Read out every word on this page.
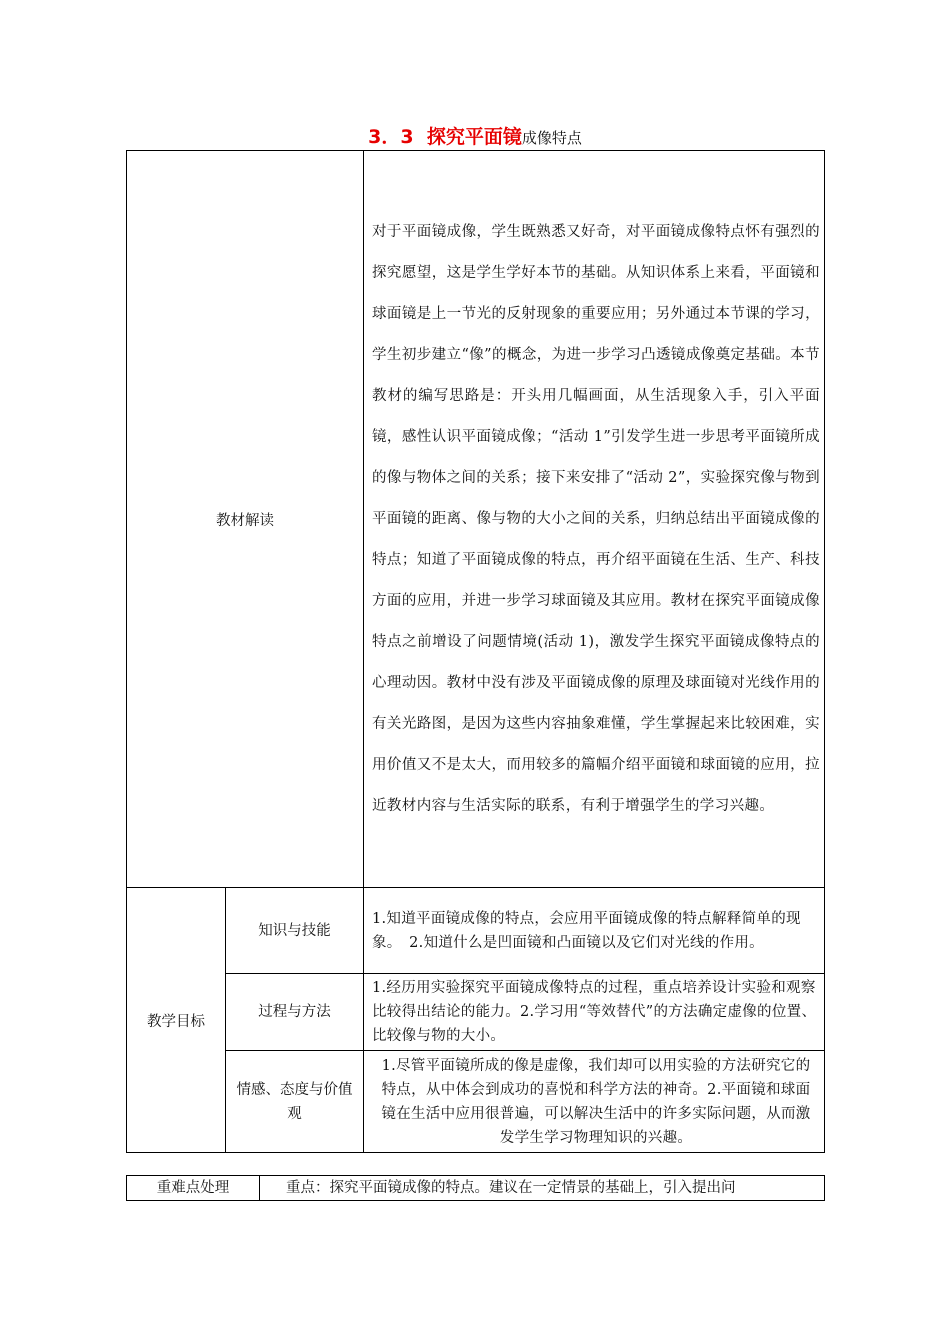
3．3 探究平面镜成像特点
教材解读		对于平面镜成像，学生既熟悉又好奇，对平面镜成像特点怀有强烈的探究愿望，这是学生学好本节的基础。从知识体系上来看，平面镜和球面镜是上一节光的反射现象的重要应用；另外通过本节课的学习，学生初步建立“像”的概念，为进一步学习凸透镜成像奠定基础。本节教材的编写思路是：开头用几幅画面，从生活现象入手，引入平面镜，感性认识平面镜成像；“活动 1”引发学生进一步思考平面镜所成的像与物体之间的关系；接下来安排了“活动 2”，实验探究像与物到平面镜的距离、像与物的大小之间的关系，归纳总结出平面镜成像的特点；知道了平面镜成像的特点，再介绍平面镜在生活、生产、科技方面的应用，并进一步学习球面镜及其应用。教材在探究平面镜成像特点之前增设了问题情境(活动 1)，激发学生探究平面镜成像特点的心理动因。教材中没有涉及平面镜成像的原理及球面镜对光线作用的有关光路图，是因为这些内容抽象难懂，学生掌握起来比较困难，实用价值又不是太大，而用较多的篇幅介绍平面镜和球面镜的应用，拉近教材内容与生活实际的联系，有利于增强学生的学习兴趣。
教学目标	知识与技能	1.知道平面镜成像的特点，会应用平面镜成像的特点解释简单的现象。　2.知道什么是凹面镜和凸面镜以及它们对光线的作用。
	过程与方法	1.经历用实验探究平面镜成像特点的过程，重点培养设计实验和观察比较得出结论的能力。2.学习用“等效替代”的方法确定虚像的位置、比较像与物的大小。
	情感、态度与价值观	1.尽管平面镜所成的像是虚像，我们却可以用实验的方法研究它的特点，从中体会到成功的喜悦和科学方法的神奇。2.平面镜和球面镜在生活中应用很普遍，可以解决生活中的许多实际问题，从而激发学生学习物理知识的兴趣。
重难点处理	重点：探究平面镜成像的特点。建议在一定情景的基础上，引入提出问
